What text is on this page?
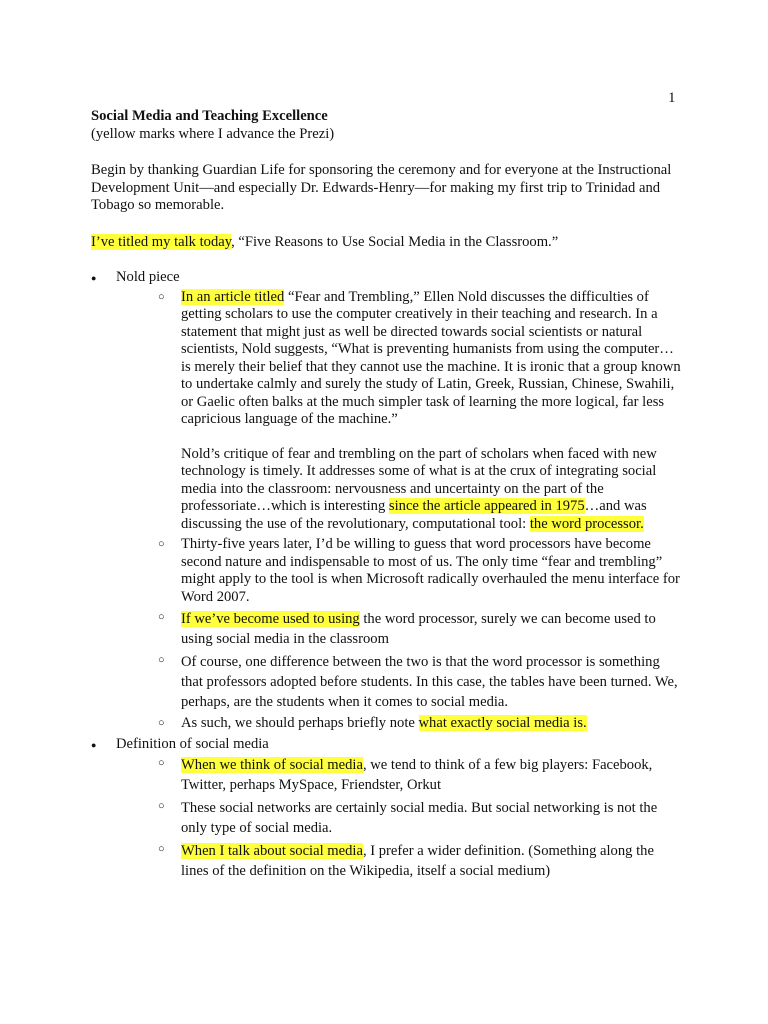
1

Social Media and Teaching Excellence

(yellow marks where I advance the Prezi)

Begin by thanking Guardian Life for sponsoring the ceremony and for everyone at the Instructional Development Unit—and especially Dr. Edwards-Henry—for making my first trip to Trinidad and Tobago so memorable.

I’ve titled my talk today, “Five Reasons to Use Social Media in the Classroom.”

● Nold piece
○ In an article titled “Fear and Trembling,” Ellen Nold discusses the difficulties of getting scholars to use the computer creatively in their teaching and research. In a statement that might just as well be directed towards social scientists or natural scientists, Nold suggests, “What is preventing humanists from using the computer…is merely their belief that they cannot use the machine. It is ironic that a group known to undertake calmly and surely the study of Latin, Greek, Russian, Chinese, Swahili, or Gaelic often balks at the much simpler task of learning the more logical, far less capricious language of the machine.”

Nold’s critique of fear and trembling on the part of scholars when faced with new technology is timely. It addresses some of what is at the crux of integrating social media into the classroom: nervousness and uncertainty on the part of the professoriate…which is interesting since the article appeared in 1975…and was discussing the use of the revolutionary, computational tool: the word processor.

○ Thirty-five years later, I’d be willing to guess that word processors have become second nature and indispensable to most of us. The only time “fear and trembling” might apply to the tool is when Microsoft radically overhauled the menu interface for Word 2007.

○ If we’ve become used to using the word processor, surely we can become used to using social media in the classroom

○ Of course, one difference between the two is that the word processor is something that professors adopted before students. In this case, the tables have been turned. We, perhaps, are the students when it comes to social media.

○ As such, we should perhaps briefly note what exactly social media is.

● Definition of social media
○ When we think of social media, we tend to think of a few big players: Facebook, Twitter, perhaps MySpace, Friendster, Orkut

○ These social networks are certainly social media. But social networking is not the only type of social media.

○ When I talk about social media, I prefer a wider definition. (Something along the lines of the definition on the Wikipedia, itself a social medium)
